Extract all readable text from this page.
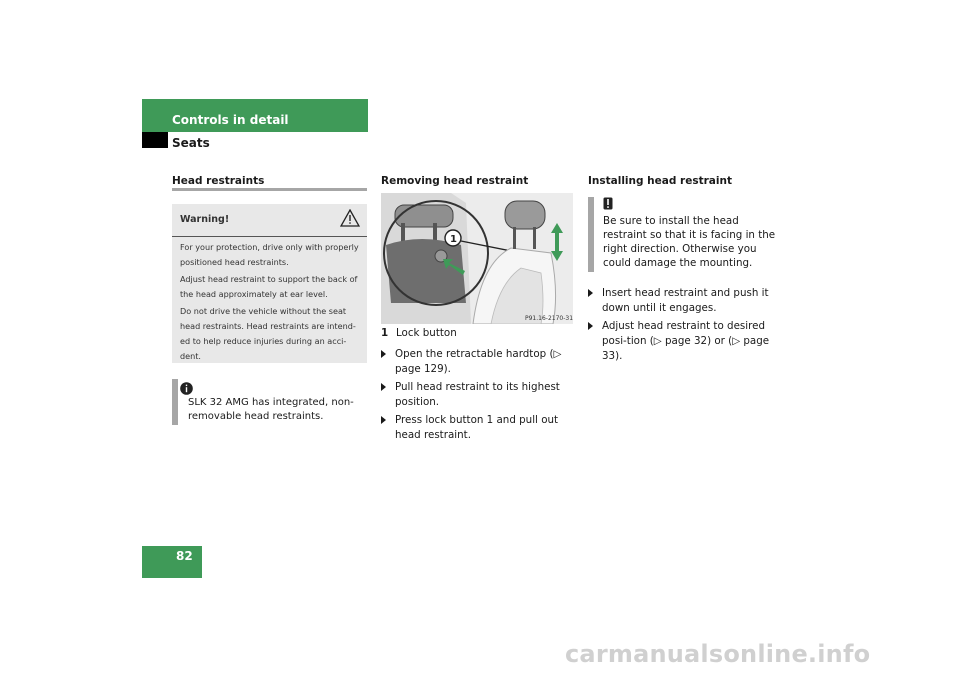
Controls in detail
Seats
Head restraints
Warning!
For your protection, drive only with properly positioned head restraints.
Adjust head restraint to support the back of the head approximately at ear level.
Do not drive the vehicle without the seat head restraints. Head restraints are intend-ed to help reduce injuries during an acci-dent.
SLK 32 AMG has integrated, non-removable head restraints.
Removing head restraint
1
P91.16-2170-31
1 Lock button
Open the retractable hardtop (▷ page 129).
Pull head restraint to its highest position.
Press lock button 1 and pull out head restraint.
Installing head restraint
Be sure to install the head restraint so that it is facing in the right direction. Otherwise you could damage the mounting.
Insert head restraint and push it down until it engages.
Adjust head restraint to desired posi-tion (▷ page 32) or (▷ page 33).
82
carmanualsonline.info
